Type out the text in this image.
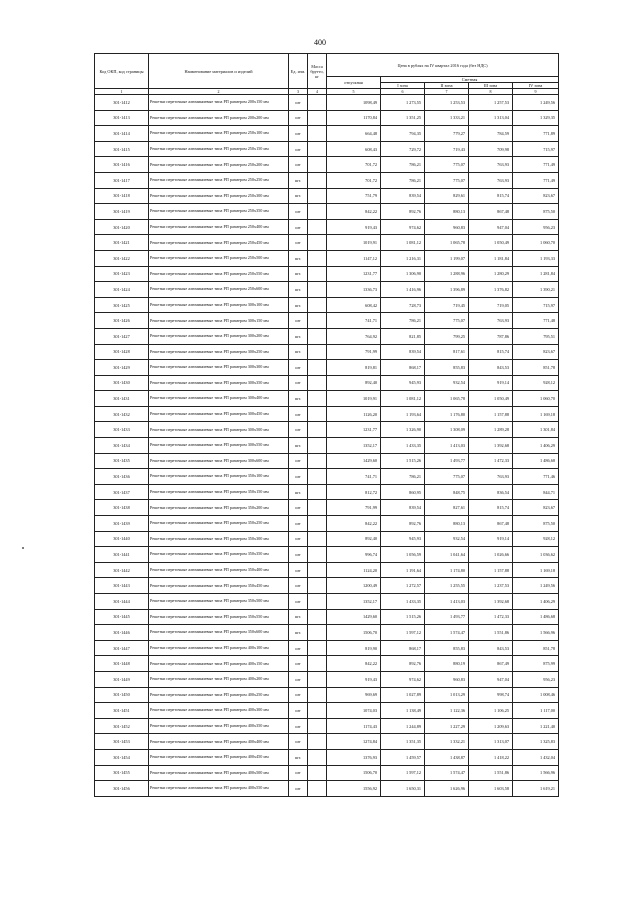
400
Код ОКП, код страницы	Наименование материалов и изделий	Ед. изм.	Масса брутто, кг	Цена в рублях на IV квартал 2016 года (без НДС)				
				отпускная	Сметная			
					I зона	II зона	III зона	IV зона
1	2	3	4	5	6	7	8	9
301-1412	Решетки переточные алюминиевые типа РП размером 200х150 мм	шт		1098,49	1 273,55	1 253,53	1 257,53	1 249,56
301-1413	Решетки переточные алюминиевые типа РП размером 200х200 мм	шт		1170,84	1 351,25	1 333,21	1 313,04	1 329,35
301-1414	Решетки переточные алюминиевые типа РП размером 250х100 мм	шт		664,48	794,35	779,27	784,59	771,89
301-1415	Решетки переточные алюминиевые типа РП размером 250х150 мм	шт		608,43	729,72	719,43	709,98	715,97
301-1416	Решетки переточные алюминиевые типа РП размером 250х200 мм	шт		701,72	786,21	775,07	763,93	771,49
301-1417	Решетки переточные алюминиевые типа РП размером 250х250 мм	шт.		701,72	786,21	775,07	763,93	771,49
301-1418	Решетки переточные алюминиевые типа РП размером 250х300 мм	шт.		751,79	839,54	829,61	815,74	823,67
301-1419	Решетки переточные алюминиевые типа РП размером 250х350 мм	шт		842,22	892,76	880,13	867,48	875,50
301-1420	Решетки переточные алюминиевые типа РП размером 250х400 мм	шт		919,43	974,62	960,83	947,04	956,23
301-1421	Решетки переточные алюминиевые типа РП размером 250х450 мм	шт		1019,91	1 081,12	1 065,78	1 050,49	1 060,70
301-1422	Решетки переточные алюминиевые типа РП размером 250х500 мм	шт.		1147,12	1 216,31	1 199,07	1 181,84	1 193,33
301-1423	Решетки переточные алюминиевые типа РП размером 250х550 мм	шт.		1231,77	1 306,90	1 288,96	1 280,29	1 281,84
301-1424	Решетки переточные алюминиевые типа РП размером 250х600 мм	шт.		1336,73	1 416,96	1 396,89	1 376,82	1 390,21
301-1425	Решетки переточные алюминиевые типа РП размером 300х100 мм	шт.		608,42	728,73	719,45	719,05	715,97
301-1426	Решетки переточные алюминиевые типа РП размером 300х150 мм	шт		741,71	786,21	775,07	763,93	771,48
301-1427	Решетки переточные алюминиевые типа РП размером 300х200 мм	шт.		764,92	821,85	799,25	787,86	795,51
301-1428	Решетки переточные алюминиевые типа РП размером 300х250 мм	шт.		791,99	839,54	817,61	815,74	823,67
301-1429	Решетки переточные алюминиевые типа РП размером 300х300 мм	шт		819,81	868,17	855,83	843,53	851,78
301-1430	Решетки переточные алюминиевые типа РП размером 300х350 мм	шт		892,40	945,93	932,54	919,14	928,12
301-1431	Решетки переточные алюминиевые типа РП размером 300х400 мм	шт.		1019,91	1 081,12	1 065,78	1 050,49	1 060,70
301-1432	Решетки переточные алюминиевые типа РП размером 300х450 мм	шт		1126,20	1 193,64	1 176,80	1 157,88	1 169,18
301-1433	Решетки переточные алюминиевые типа РП размером 300х500 мм	шт		1231,77	1 326,90	1 308,09	1 289,28	1 301,84
301-1434	Решетки переточные алюминиевые типа РП размером 300х550 мм	шт.		1352,17	1 433,35	1 413,03	1 392,68	1 406,29
301-1435	Решетки переточные алюминиевые типа РП размером 300х600 мм	шт		1429,60	1 515,26	1 493,77	1 472,33	1 486,68
301-1436	Решетки переточные алюминиевые типа РП размером 350х100 мм	шт		741,71	786,21	775,07	763,93	771,46
301-1437	Решетки переточные алюминиевые типа РП размером 350х150 мм	шт.		812,72	860,95	848,75	836,54	844,71
301-1438	Решетки переточные алюминиевые типа РП размером 350х200 мм	шт		791,99	839,54	827,61	815,74	823,67
301-1439	Решетки переточные алюминиевые типа РП размером 350х250 мм	шт		842,22	892,76	880,13	867,48	875,50
301-1440	Решетки переточные алюминиевые типа РП размером 350х300 мм	шт		892,40	945,93	932,54	919,14	928,12
301-1441	Решетки переточные алюминиевые типа РП размером 350х350 мм	шт		996,74	1 056,59	1 041,64	1 026,66	1 036,62
301-1442	Решетки переточные алюминиевые типа РП размером 350х400 мм	шт		1124,20	1 191,64	1 174,80	1 157,88	1 169,18
301-1443	Решетки переточные алюминиевые типа РП размером 350х450 мм	шт		1200,49	1 272,57	1 255,55	1 237,53	1 249,56
301-1444	Решетки переточные алюминиевые типа РП размером 350х500 мм	шт		1352,17	1 433,35	1 413,03	1 392,68	1 406,29
301-1445	Решетки переточные алюминиевые типа РП размером 350х550 мм	шт.		1429,60	1 515,26	1 493,77	1 472,33	1 486,68
301-1446	Решетки переточные алюминиевые типа РП размером 350х600 мм	шт.		1506,70	1 597,12	1 574,47	1 551,86	1 566,96
301-1447	Решетки переточные алюминиевые типа РП размером 400х100 мм	шт		819,90	868,17	855,83	843,53	851,78
301-1448	Решетки переточные алюминиевые типа РП размером 400х150 мм	шт		842,22	892,76	880,19	867,49	875,99
301-1449	Решетки переточные алюминиевые типа РП размером 400х200 мм	шт		919,43	974,62	960,83	947,04	956,23
301-1450	Решетки переточные алюминиевые типа РП размером 400х250 мм	шт		969,69	1 027,89	1 013,29	998,74	1 008,46
301-1451	Решетки переточные алюминиевые типа РП размером 400х300 мм	шт		1074,03	1 138,49	1 122,36	1 106,25	1 117,00
301-1452	Решетки переточные алюминиевые типа РП размером 400х350 мм	шт		1174,43	1 244,89	1 227,29	1 209,63	1 221,40
301-1453	Решетки переточные алюминиевые типа РП размером 400х400 мм	шт		1274,84	1 351,35	1 332,21	1 313,07	1 325,83
301-1454	Решетки переточные алюминиевые типа РП размером 400х450 мм	шт.		1376,93	1 459,57	1 438,87	1 418,22	1 432,04
301-1455	Решетки переточные алюминиевые типа РП размером 400х500 мм	шт		1506,70	1 597,12	1 574,47	1 551,86	1 566,96
301-1456	Решетки переточные алюминиевые типа РП размером 400х550 мм	шт		1556,92	1 650,31	1 626,96	1 603,58	1 619,21
